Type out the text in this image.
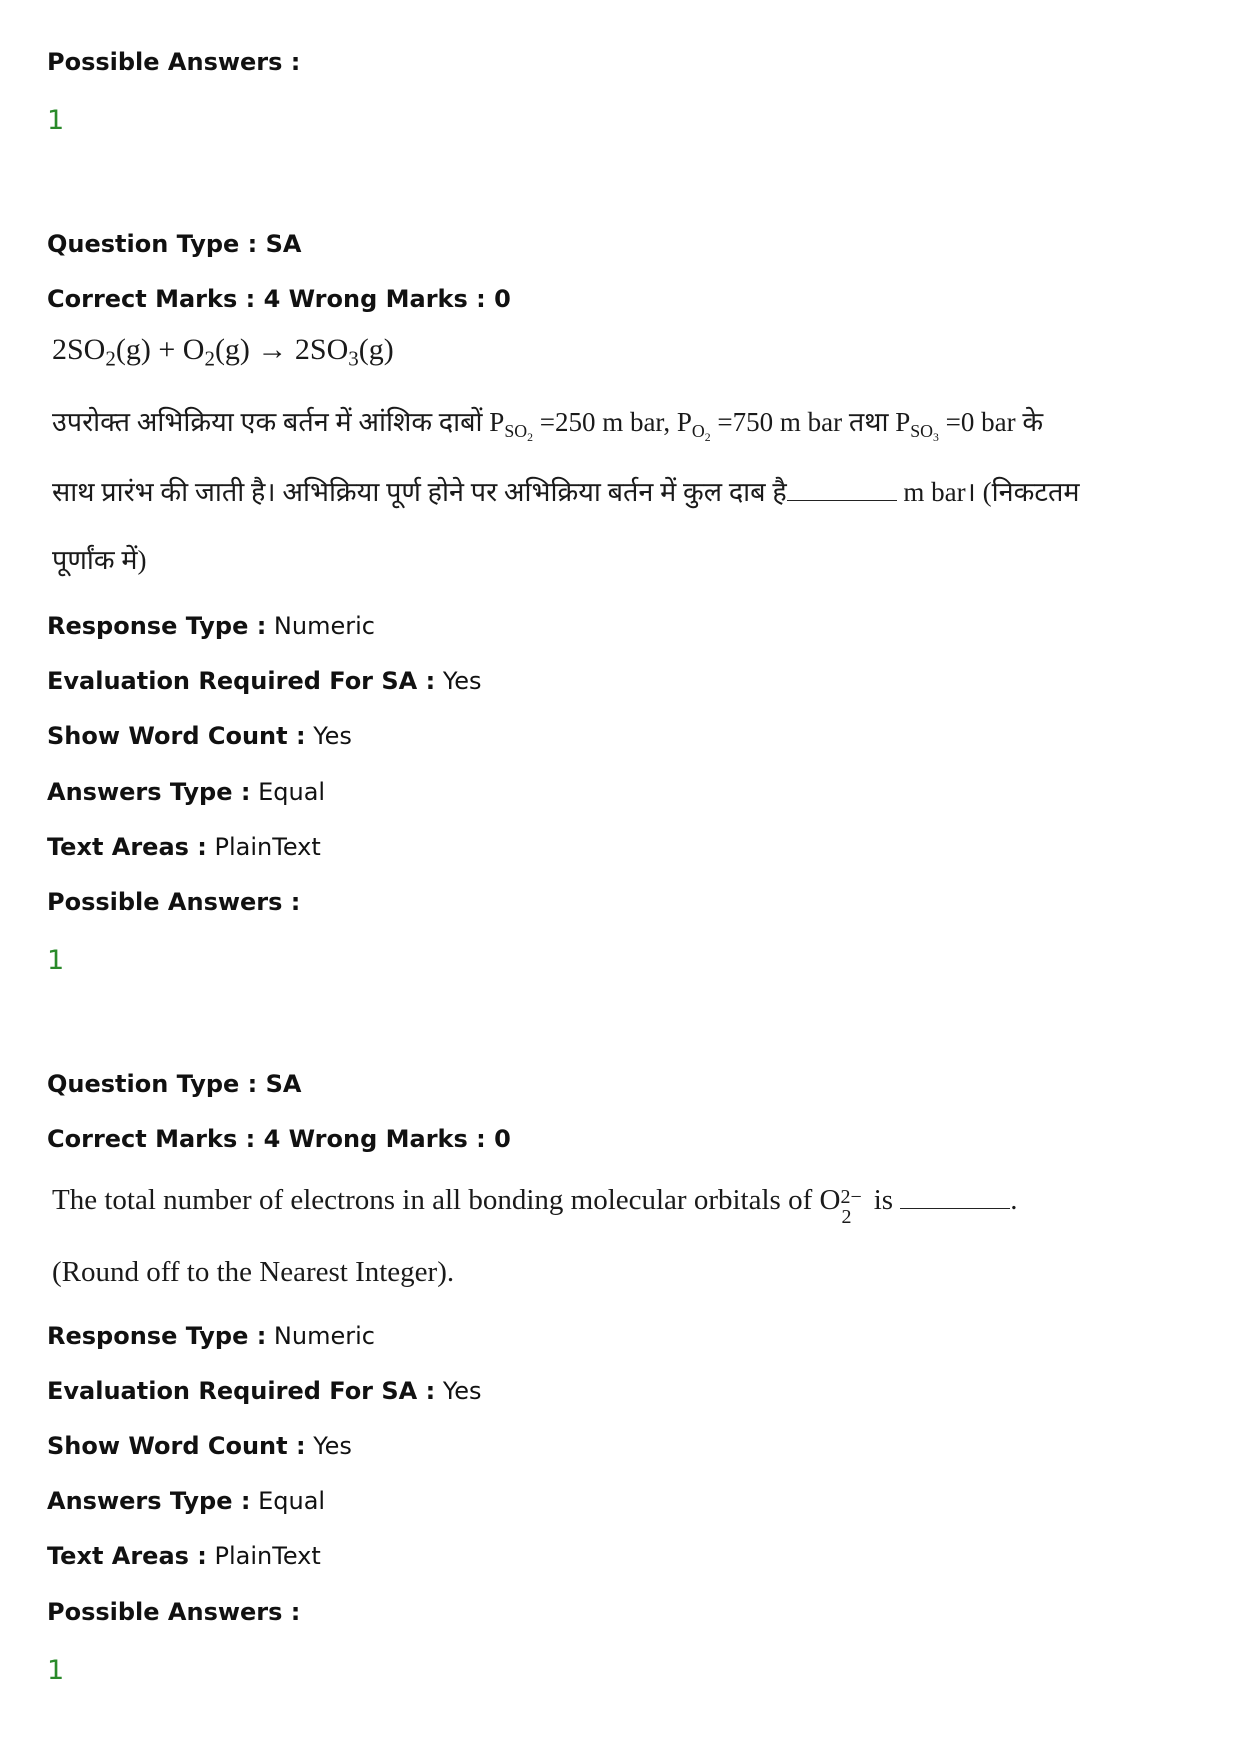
Possible Answers :
1
Question Type : SA
Correct Marks : 4 Wrong Marks : 0
$2SO_2(g) + O_2(g) \to 2SO_3(g)$
उपरोक्त अभिक्रिया एक बर्तन में आंशिक दाबों $P_{SO_2} =250$ m bar, $P_{O_2} =750$ m bar तथा $P_{SO_3} =0$ bar के
साथ प्रारंभ की जाती है। अभिक्रिया पूर्ण होने पर अभिक्रिया बर्तन में कुल दाब है	m bar। (निकटतम
पूर्णांक में)
Response Type : Numeric
Evaluation Required For SA : Yes
Show Word Count : Yes
Answers Type : Equal
Text Areas : PlainText
Possible Answers :
1
Question Type : SA
Correct Marks : 4 Wrong Marks : 0
The total number of electrons in all bonding molecular orbitals of O 2−
2
is	.
(Round off to the Nearest Integer).
Response Type : Numeric
Evaluation Required For SA : Yes
Show Word Count : Yes
Answers Type : Equal
Text Areas : PlainText
Possible Answers :
1
